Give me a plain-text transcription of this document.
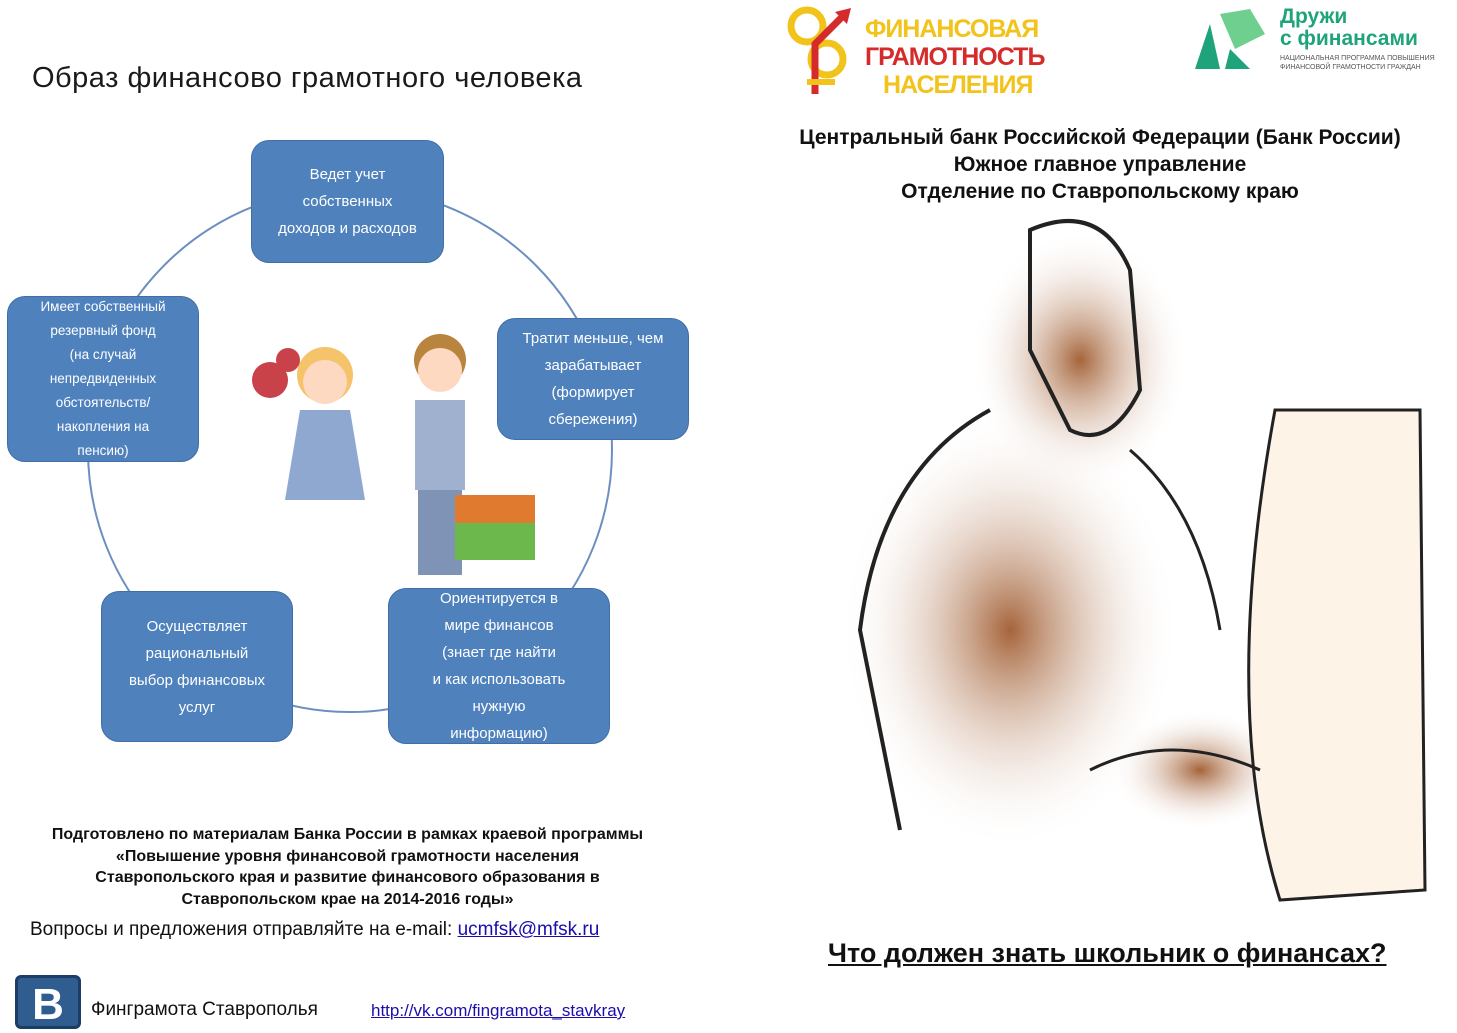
Образ финансово грамотного человека
Ведет учет
собственных
доходов и расходов
Тратит меньше, чем
зарабатывает
(формирует
сбережения)
Ориентируется в
мире финансов
(знает где найти
и как использовать
нужную
информацию)
Осуществляет
рациональный
выбор финансовых
услуг
Имеет собственный
резервный фонд
(на случай
непредвиденных
обстоятельств/
накопления на
пенсию)
Подготовлено по материалам Банка России в рамках краевой программы
«Повышение уровня финансовой грамотности населения
Ставропольского края и развитие финансового образования в
Ставропольском крае на 2014-2016 годы»
Вопросы и предложения отправляйте на e-mail: ucmfsk@mfsk.ru
B	Финграмота Ставрополья	http://vk.com/fingramota_stavkray
ФИНАНСОВАЯ
ГРАМОТНОСТЬ
НАСЕЛЕНИЯ
Дружи
с финансами
НАЦИОНАЛЬНАЯ ПРОГРАММА ПОВЫШЕНИЯ
ФИНАНСОВОЙ ГРАМОТНОСТИ ГРАЖДАН
Центральный банк Российской Федерации (Банк России)
Южное главное управление
Отделение по Ставропольскому краю
Что должен знать школьник о финансах?
